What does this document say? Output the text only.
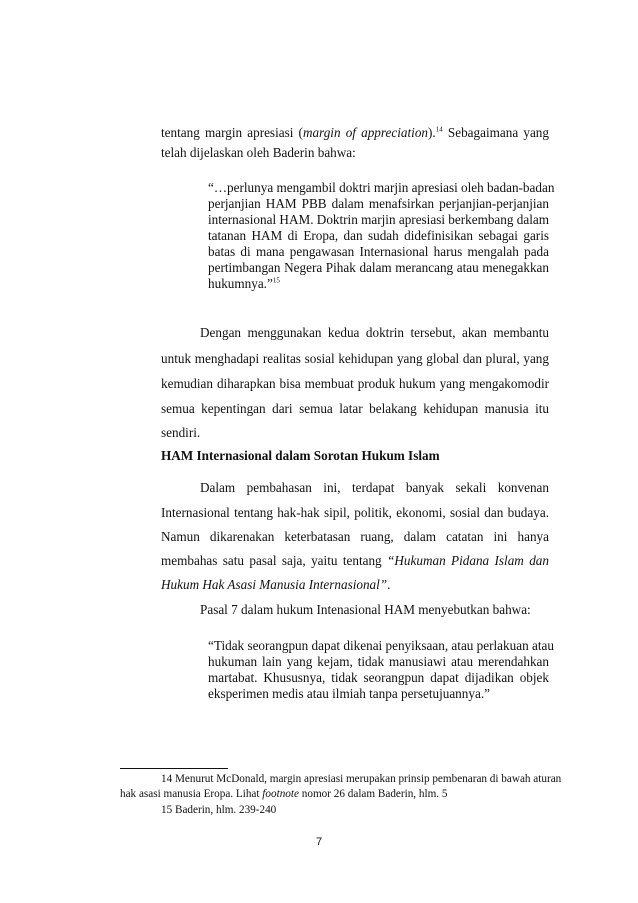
tentang margin apresiasi (margin of appreciation).$^{14}$ Sebagaimana yang
telah dijelaskan oleh Baderin bahwa:
“…perlunya mengambil doktri marjin apresiasi oleh badan-badan
perjanjian HAM PBB dalam menafsirkan perjanjian-perjanjian
internasional HAM. Doktrin marjin apresiasi berkembang dalam
tatanan HAM di Eropa, dan sudah didefinisikan sebagai garis
batas di mana pengawasan Internasional harus mengalah pada
pertimbangan Negera Pihak dalam merancang atau menegakkan
hukumnya.”$^{15}$
Dengan menggunakan kedua doktrin tersebut, akan membantu
untuk menghadapi realitas sosial kehidupan yang global dan plural, yang
kemudian diharapkan bisa membuat produk hukum yang mengakomodir
semua kepentingan dari semua latar belakang kehidupan manusia itu
sendiri.
HAM Internasional dalam Sorotan Hukum Islam
Dalam pembahasan ini, terdapat banyak sekali konvenan
Internasional tentang hak-hak sipil, politik, ekonomi, sosial dan budaya.
Namun dikarenakan keterbatasan ruang, dalam catatan ini hanya
membahas satu pasal saja, yaitu tentang “Hukuman Pidana Islam dan
Hukum Hak Asasi Manusia Internasional”.
Pasal 7 dalam hukum Intenasional HAM menyebutkan bahwa:
“Tidak seorangpun dapat dikenai penyiksaan, atau perlakuan atau
hukuman lain yang kejam, tidak manusiawi atau merendahkan
martabat. Khususnya, tidak seorangpun dapat dijadikan objek
eksperimen medis atau ilmiah tanpa persetujuannya.”
14 Menurut McDonald, margin apresiasi merupakan prinsip pembenaran di bawah aturan
hak asasi manusia Eropa. Lihat footnote nomor 26 dalam Baderin, hlm. 5
15 Baderin, hlm. 239-240
7
